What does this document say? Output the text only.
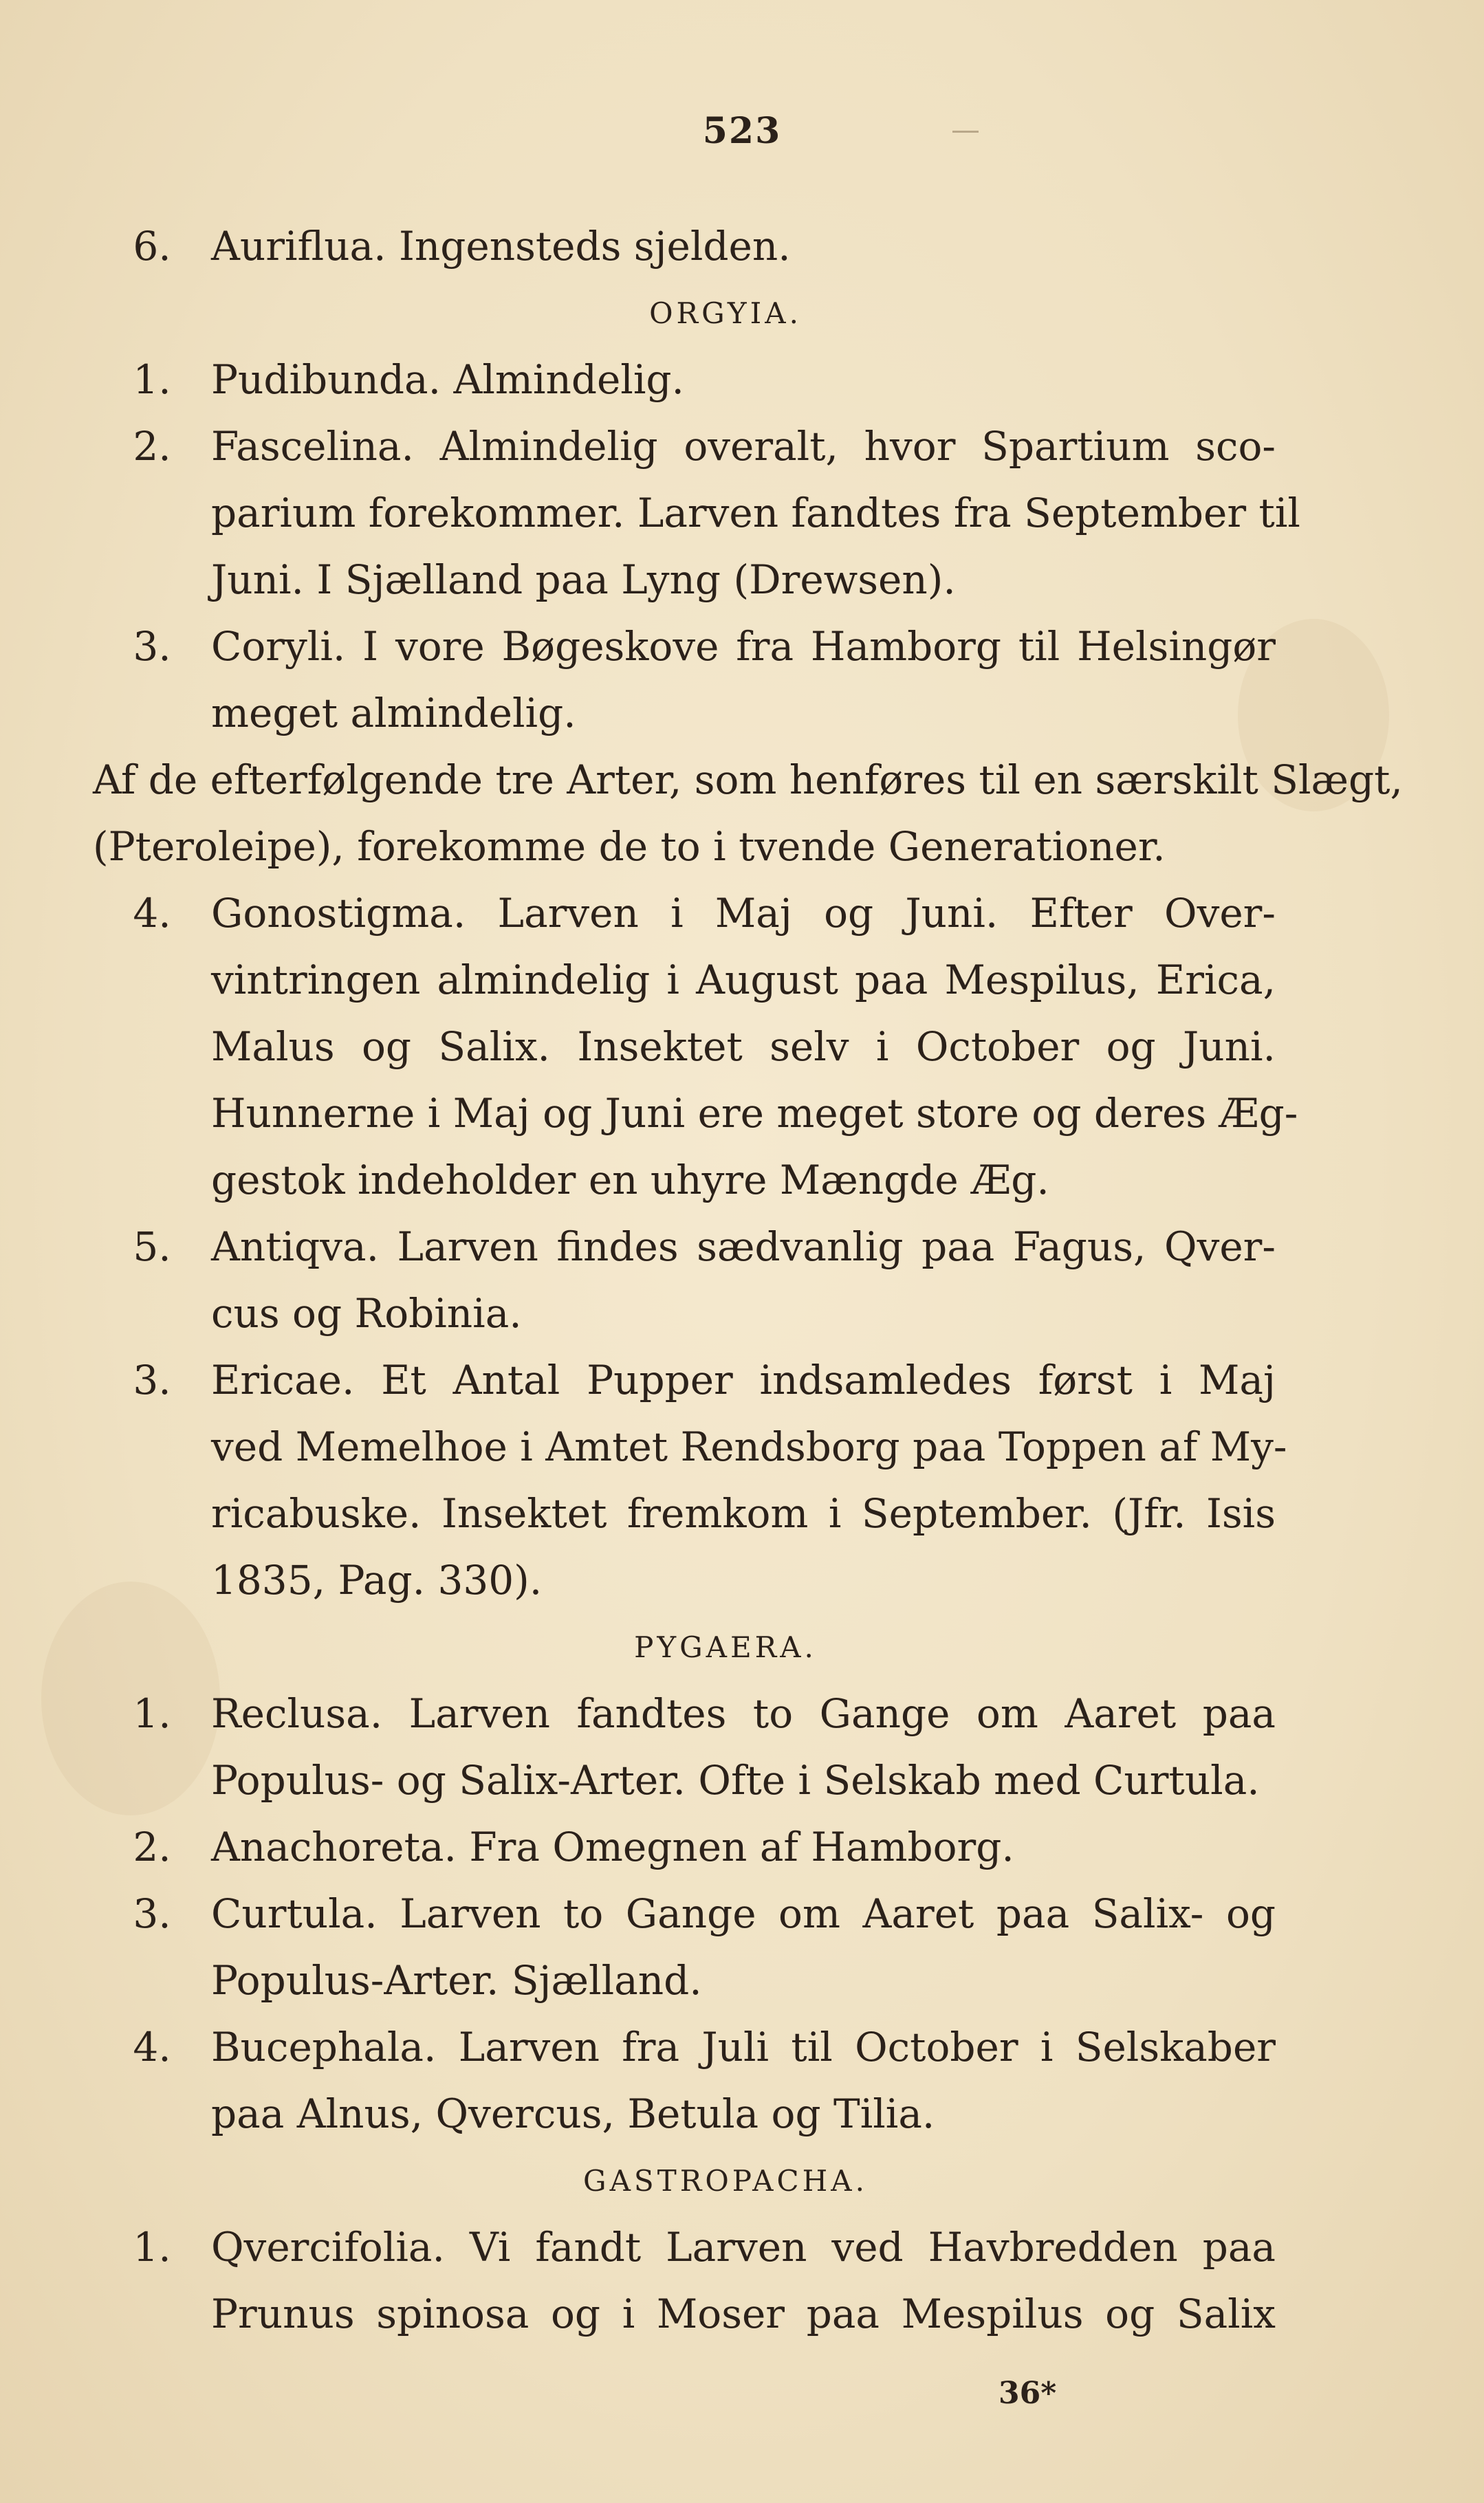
523
6.	Auriflua. Ingensteds sjelden.
ORGYIA.
1.	Pudibunda. Almindelig.
2.	Fascelina. Almindelig overalt, hvor Spartium sco-
parium forekommer. Larven fandtes fra September til
Juni. I Sjælland paa Lyng (Drewsen).
3.	Coryli. I vore Bøgeskove fra Hamborg til Helsingør
meget almindelig.
Af de efterfølgende tre Arter, som henføres til en særskilt Slægt,
(Pteroleipe), forekomme de to i tvende Generationer.
4.	Gonostigma. Larven i Maj og Juni. Efter Over-
vintringen almindelig i August paa Mespilus, Erica,
Malus og Salix. Insektet selv i October og Juni.
Hunnerne i Maj og Juni ere meget store og deres Æg-
gestok indeholder en uhyre Mængde Æg.
5.	Antiqva. Larven findes sædvanlig paa Fagus, Qver-
cus og Robinia.
3.	Ericae. Et Antal Pupper indsamledes først i Maj
ved Memelhoe i Amtet Rendsborg paa Toppen af My-
ricabuske. Insektet fremkom i September. (Jfr. Isis
1835, Pag. 330).
PYGAERA.
1.	Reclusa. Larven fandtes to Gange om Aaret paa
Populus- og Salix-Arter. Ofte i Selskab med Curtula.
2.	Anachoreta. Fra Omegnen af Hamborg.
3.	Curtula. Larven to Gange om Aaret paa Salix- og
Populus-Arter. Sjælland.
4.	Bucephala. Larven fra Juli til October i Selskaber
paa Alnus, Qvercus, Betula og Tilia.
GASTROPACHA.
1.	Qvercifolia. Vi fandt Larven ved Havbredden paa
Prunus spinosa og i Moser paa Mespilus og Salix
36*
